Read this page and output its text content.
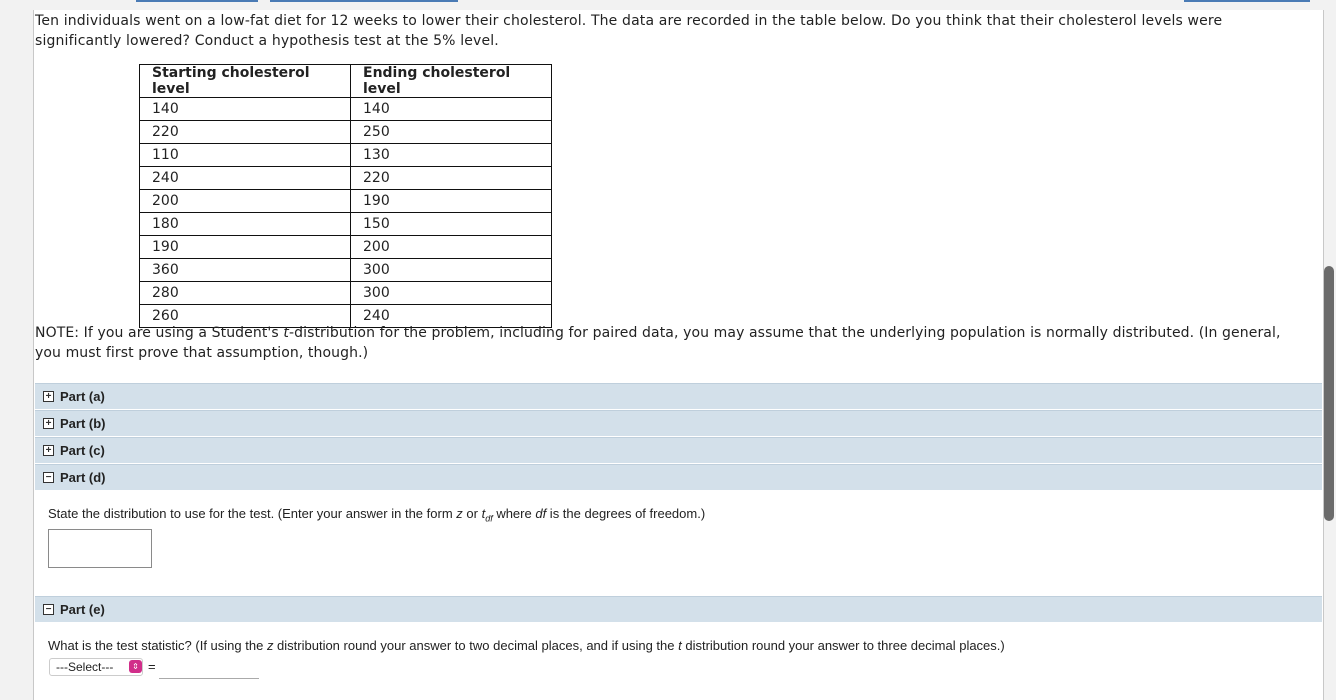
Ten individuals went on a low-fat diet for 12 weeks to lower their cholesterol. The data are recorded in the table below. Do you think that their cholesterol levels were significantly lowered? Conduct a hypothesis test at the 5% level.
Starting cholesterol level	Ending cholesterol level
140	140
220	250
110	130
240	220
200	190
180	150
190	200
360	300
280	300
260	240
NOTE: If you are using a Student's t-distribution for the problem, including for paired data, you may assume that the underlying population is normally distributed. (In general, you must first prove that assumption, though.)
+ Part (a)
+ Part (b)
+ Part (c)
− Part (d)
State the distribution to use for the test. (Enter your answer in the form z or $t_{df}$ where df is the degrees of freedom.)
− Part (e)
What is the test statistic? (If using the z distribution round your answer to two decimal places, and if using the t distribution round your answer to three decimal places.)
---Select---	⇕ =
